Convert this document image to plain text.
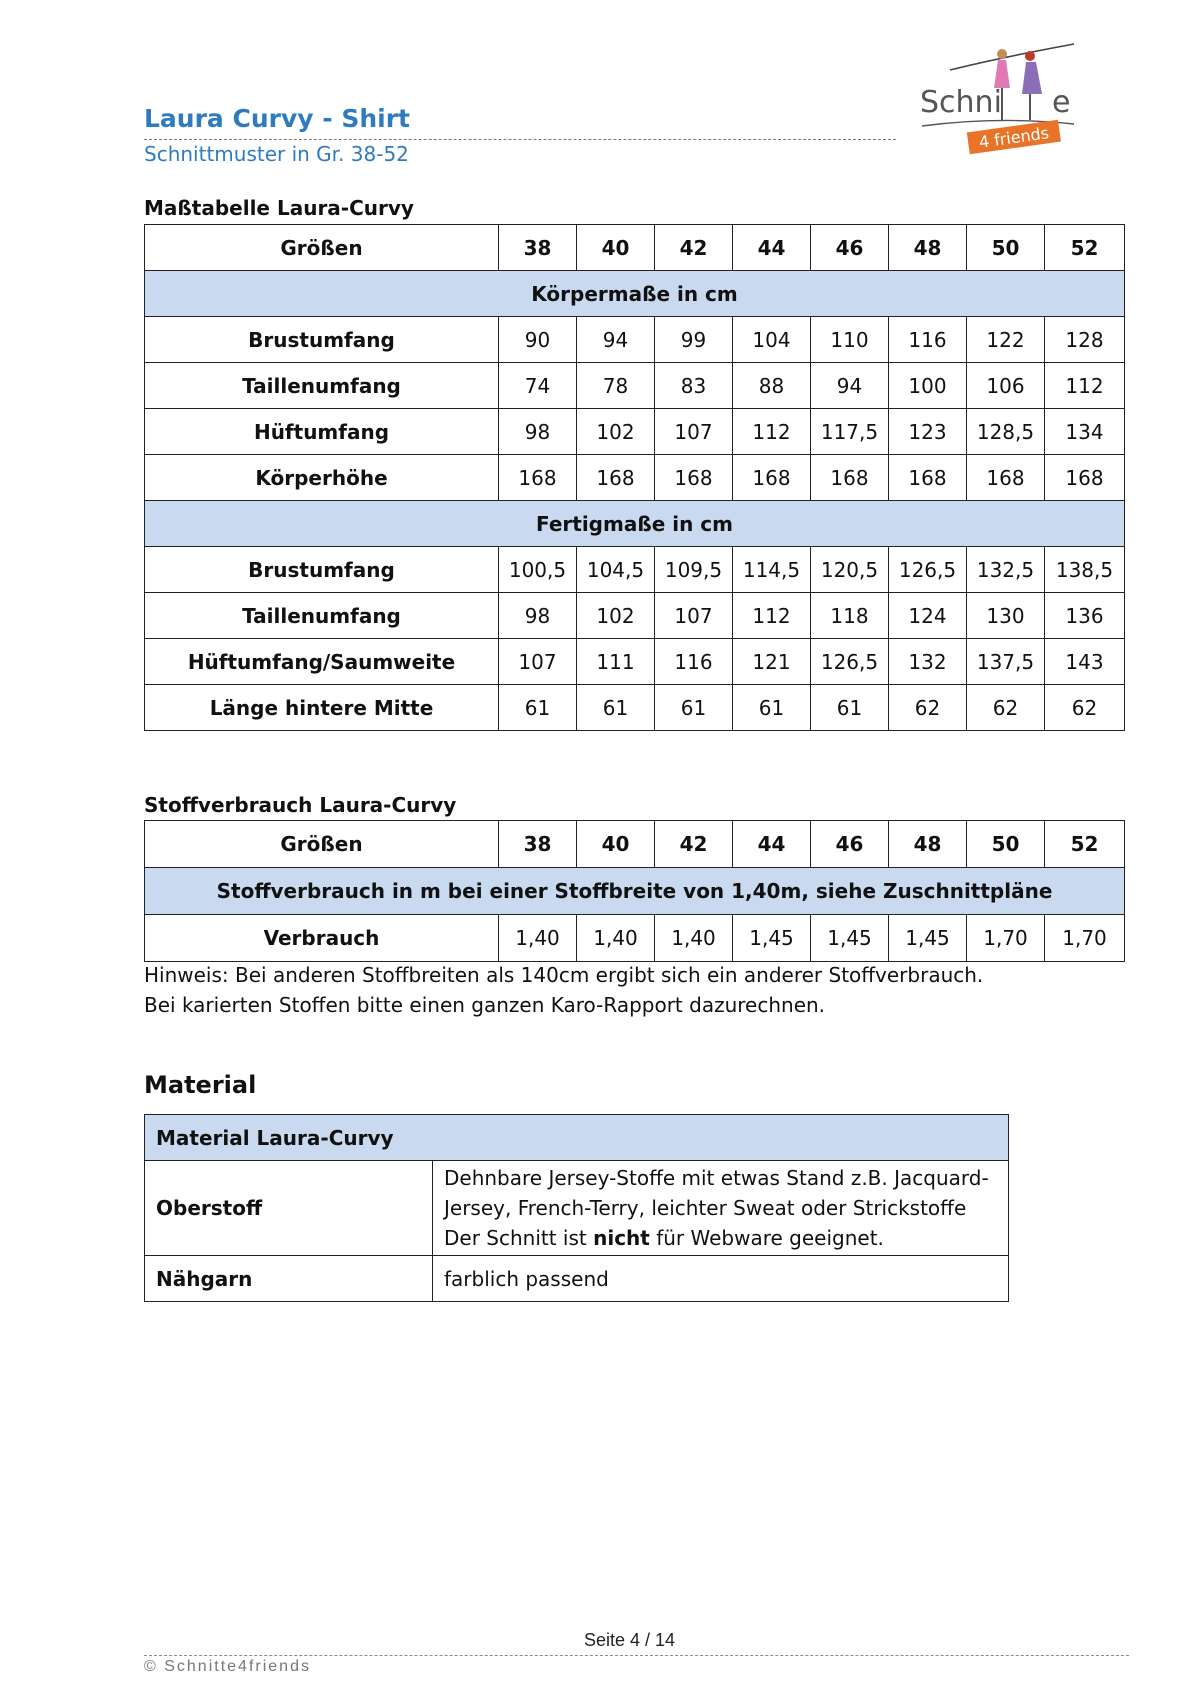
Laura Curvy - Shirt
Schnittmuster in Gr. 38-52
Schni e
4 friends
Maßtabelle Laura-Curvy
Größen	38	40	42	44	46	48	50	52
Körpermaße in cm								
Brustumfang	90	94	99	104	110	116	122	128
Taillenumfang	74	78	83	88	94	100	106	112
Hüftumfang	98	102	107	112	117,5	123	128,5	134
Körperhöhe	168	168	168	168	168	168	168	168
Fertigmaße in cm								
Brustumfang	100,5	104,5	109,5	114,5	120,5	126,5	132,5	138,5
Taillenumfang	98	102	107	112	118	124	130	136
Hüftumfang/Saumweite	107	111	116	121	126,5	132	137,5	143
Länge hintere Mitte	61	61	61	61	61	62	62	62
Stoffverbrauch Laura-Curvy
Größen	38	40	42	44	46	48	50	52
Stoffverbrauch in m bei einer Stoffbreite von 1,40m, siehe Zuschnittpläne								
Verbrauch	1,40	1,40	1,40	1,45	1,45	1,45	1,70	1,70
Hinweis: Bei anderen Stoffbreiten als 140cm ergibt sich ein anderer Stoffverbrauch.
Bei karierten Stoffen bitte einen ganzen Karo-Rapport dazurechnen.
Material
Material Laura-Curvy	
Oberstoff	Dehnbare Jersey-Stoffe mit etwas Stand z.B. Jacquard-
Jersey, French-Terry, leichter Sweat oder Strickstoffe
Der Schnitt ist nicht für Webware geeignet.

Nähgarn	farblich passend
Seite 4 / 14
© Schnitte4friends
